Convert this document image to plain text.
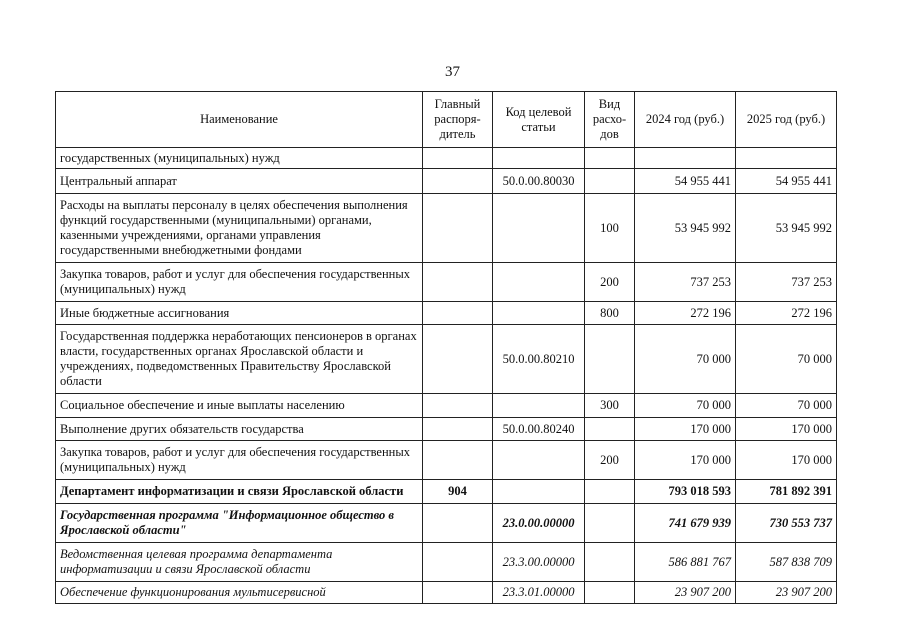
37
Наименование	Главный распоря-дитель	Код целевой статьи	Вид расхо-дов	2024 год (руб.)	2025 год (руб.)
государственных (муниципальных) нужд					
Центральный аппарат		50.0.00.80030		54 955 441	54 955 441
Расходы на выплаты персоналу в целях обеспечения выполнения функций государственными (муниципальными) органами, казенными учреждениями, органами управления государственными внебюджетными фондами			100	53 945 992	53 945 992
Закупка товаров, работ и услуг для обеспечения государственных (муниципальных) нужд			200	737 253	737 253
Иные бюджетные ассигнования			800	272 196	272 196
Государственная поддержка неработающих пенсионеров в органах власти, государственных органах Ярославской области и учреждениях, подведомственных Правительству Ярославской области		50.0.00.80210		70 000	70 000
Социальное обеспечение и иные выплаты населению			300	70 000	70 000
Выполнение других обязательств государства		50.0.00.80240		170 000	170 000
Закупка товаров, работ и услуг для обеспечения государственных (муниципальных) нужд			200	170 000	170 000
Департамент информатизации и связи Ярославской области	904			793 018 593	781 892 391
Государственная программа "Информационное общество в Ярославской области"		23.0.00.00000		741 679 939	730 553 737
Ведомственная целевая программа департамента информатизации и связи Ярославской области		23.3.00.00000		586 881 767	587 838 709
Обеспечение функционирования мультисервисной		23.3.01.00000		23 907 200	23 907 200
